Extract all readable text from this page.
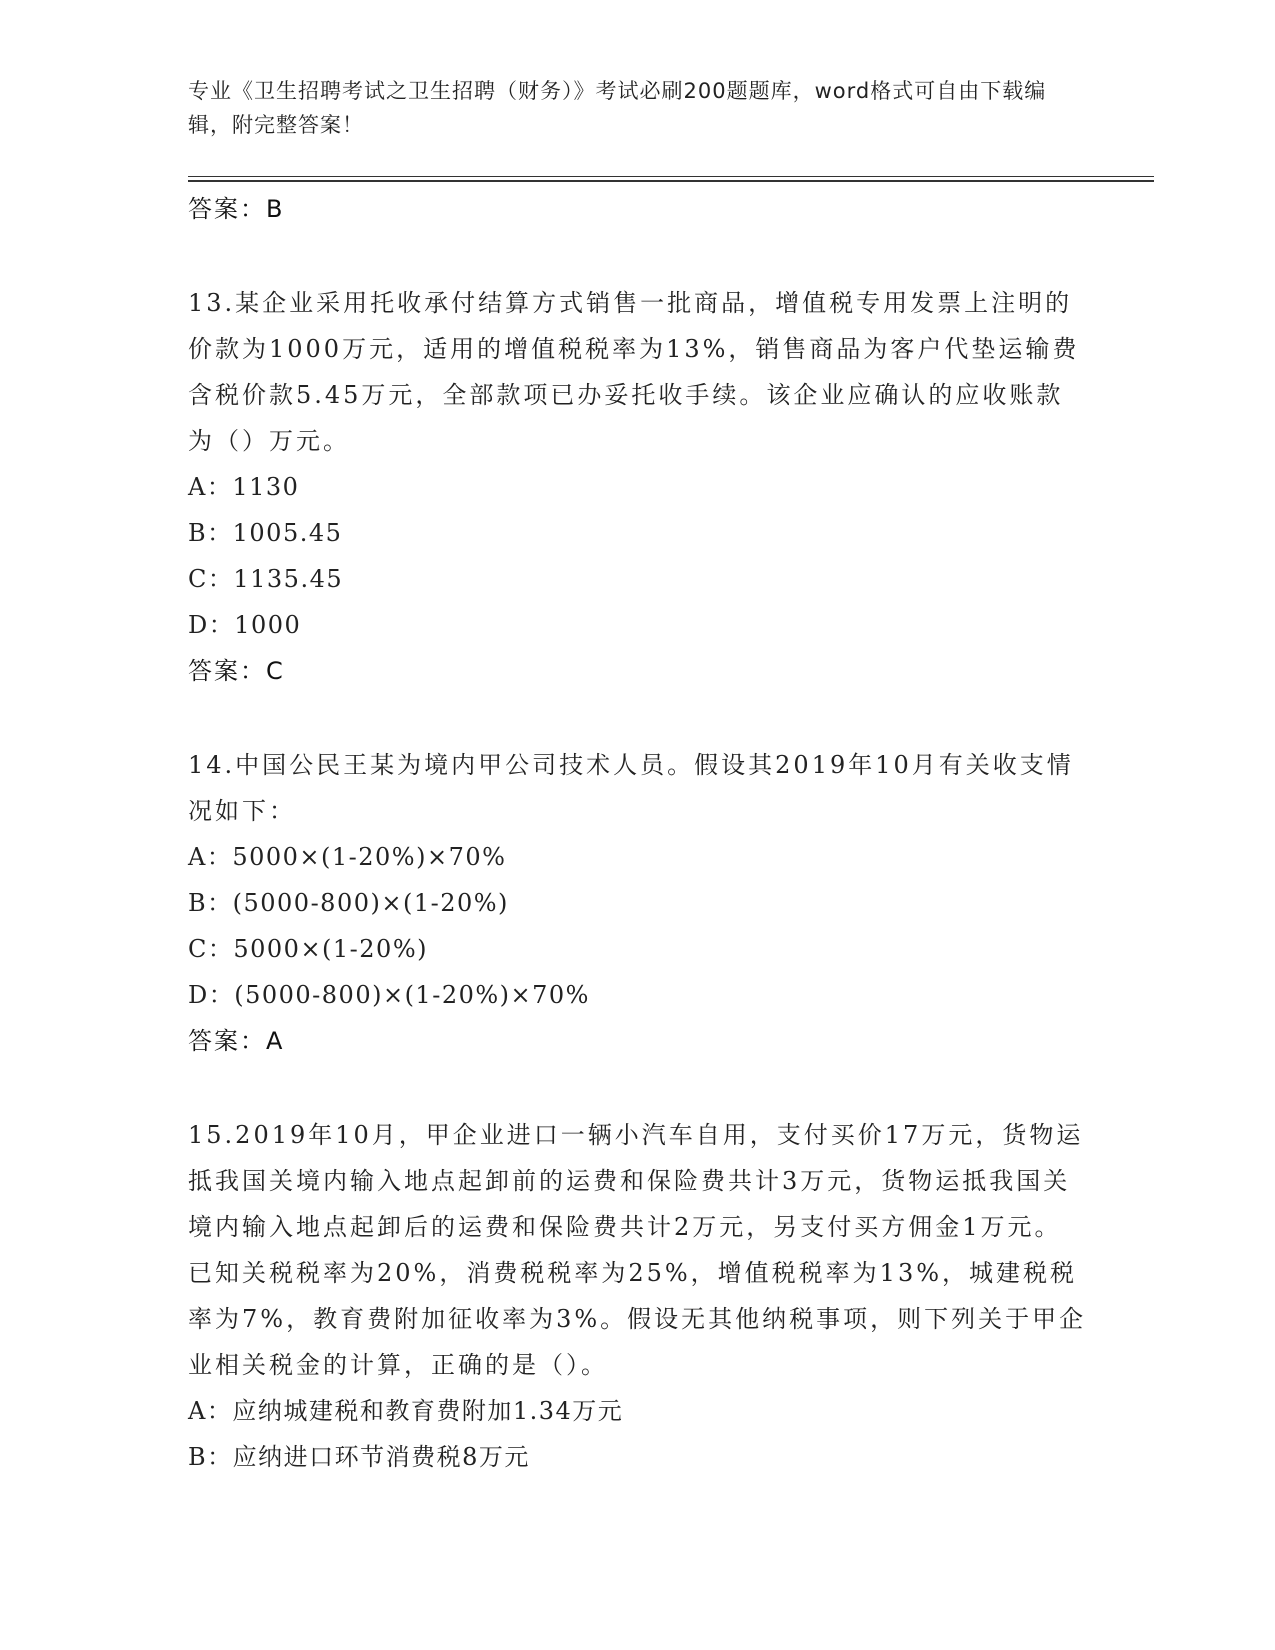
专业《卫生招聘考试之卫生招聘（财务）》考试必刷200题题库，word格式可自由下载编辑，附完整答案！
答案：B
13.某企业采用托收承付结算方式销售一批商品，增值税专用发票上注明的价款为1000万元，适用的增值税税率为13%，销售商品为客户代垫运输费含税价款5.45万元，全部款项已办妥托收手续。该企业应确认的应收账款为（）万元。
A：1130
B：1005.45
C：1135.45
D：1000
答案：C
14.中国公民王某为境内甲公司技术人员。假设其2019年10月有关收支情况如下：
A：5000×(1-20%)×70%
B：(5000-800)×(1-20%)
C：5000×(1-20%)
D：(5000-800)×(1-20%)×70%
答案：A
15.2019年10月，甲企业进口一辆小汽车自用，支付买价17万元，货物运抵我国关境内输入地点起卸前的运费和保险费共计3万元，货物运抵我国关境内输入地点起卸后的运费和保险费共计2万元，另支付买方佣金1万元。已知关税税率为20%，消费税税率为25%，增值税税率为13%，城建税税率为7%，教育费附加征收率为3%。假设无其他纳税事项，则下列关于甲企业相关税金的计算，正确的是（）。
A：应纳城建税和教育费附加1.34万元
B：应纳进口环节消费税8万元
